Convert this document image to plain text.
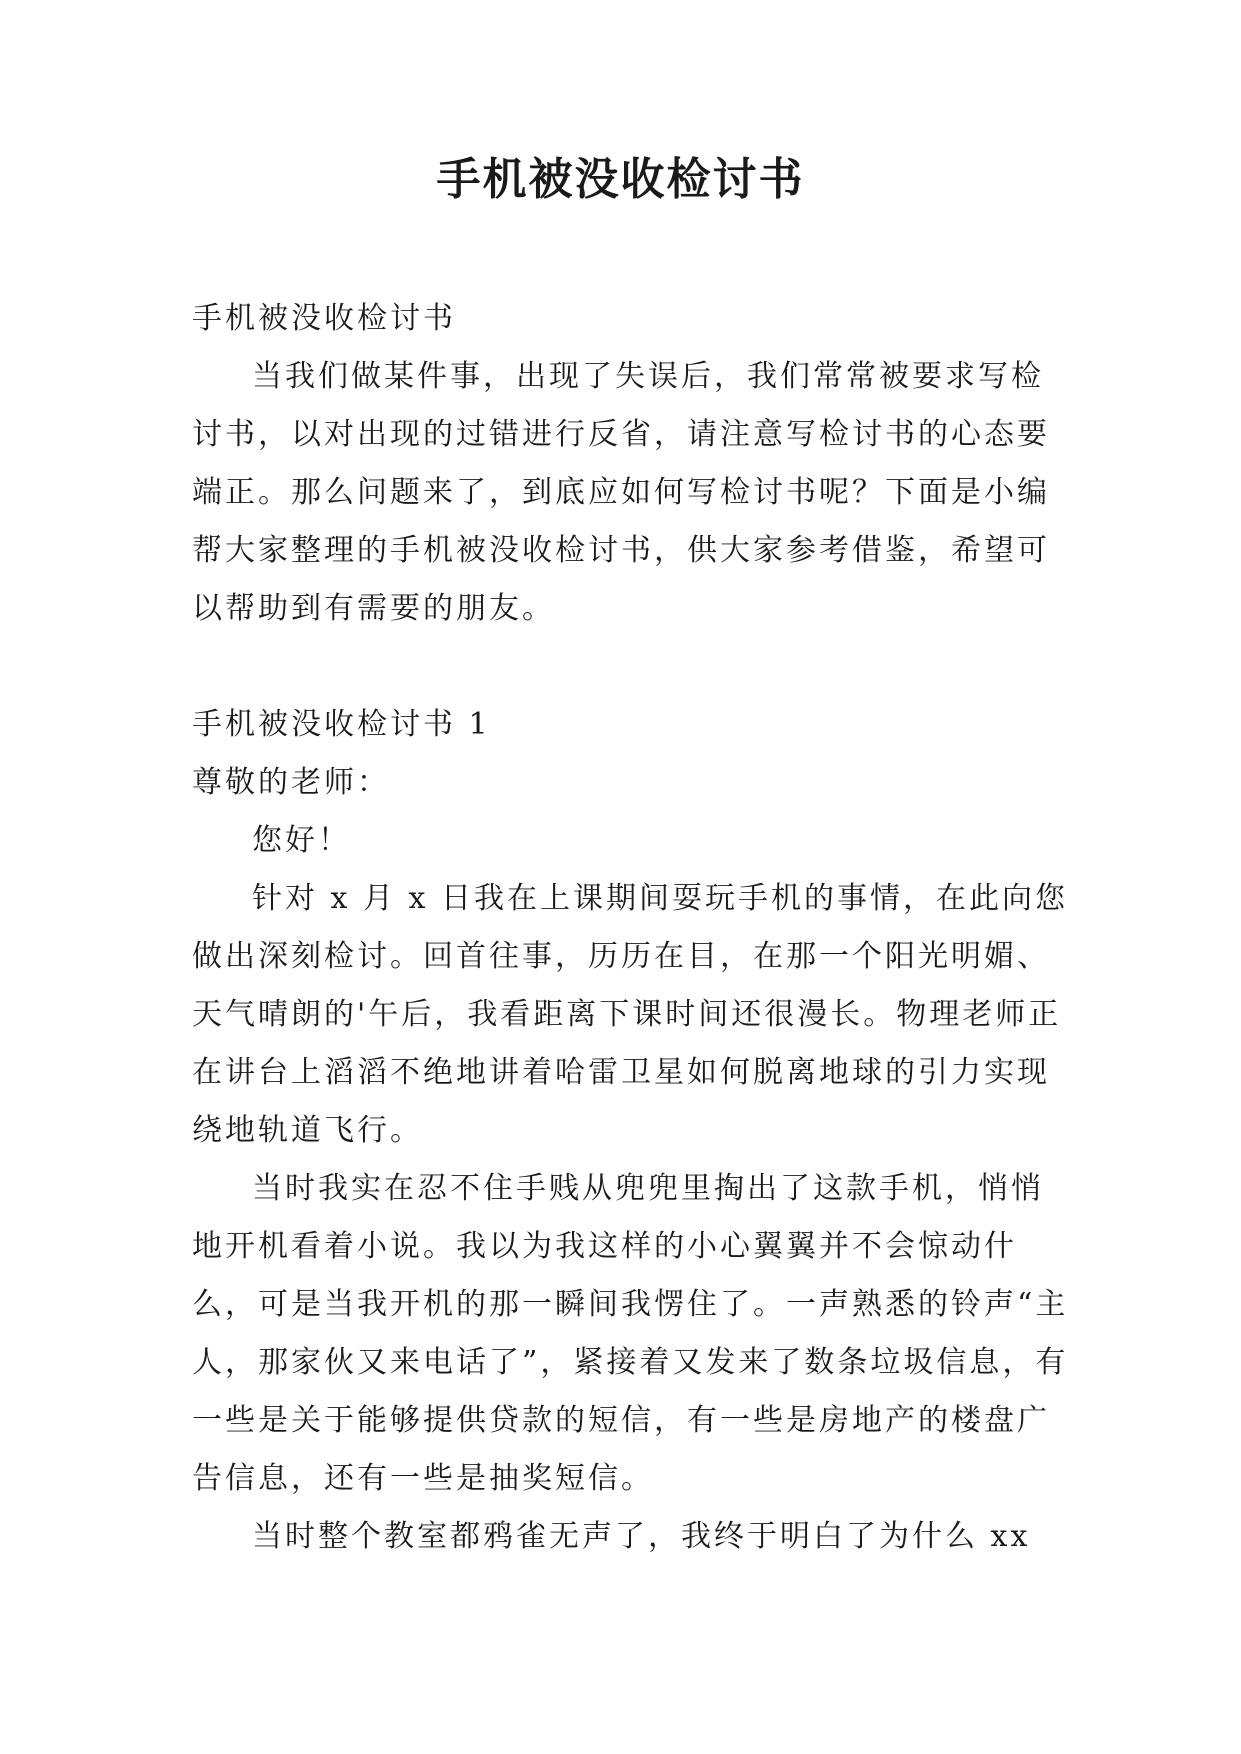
手机被没收检讨书

手机被没收检讨书

当我们做某件事，出现了失误后，我们常常被要求写检讨书，以对出现的过错进行反省，请注意写检讨书的心态要端正。那么问题来了，到底应如何写检讨书呢？下面是小编帮大家整理的手机被没收检讨书，供大家参考借鉴，希望可以帮助到有需要的朋友。

手机被没收检讨书 1

尊敬的老师：

您好！

针对 x 月 x 日我在上课期间耍玩手机的事情，在此向您做出深刻检讨。回首往事，历历在目，在那一个阳光明媚、天气晴朗的'午后，我看距离下课时间还很漫长。物理老师正在讲台上滔滔不绝地讲着哈雷卫星如何脱离地球的引力实现绕地轨道飞行。

当时我实在忍不住手贱从兜兜里掏出了这款手机，悄悄地开机看着小说。我以为我这样的小心翼翼并不会惊动什么，可是当我开机的那一瞬间我愣住了。一声熟悉的铃声“主人，那家伙又来电话了”，紧接着又发来了数条垃圾信息，有一些是关于能够提供贷款的短信，有一些是房地产的楼盘广告信息，还有一些是抽奖短信。

当时整个教室都鸦雀无声了，我终于明白了为什么 xx
